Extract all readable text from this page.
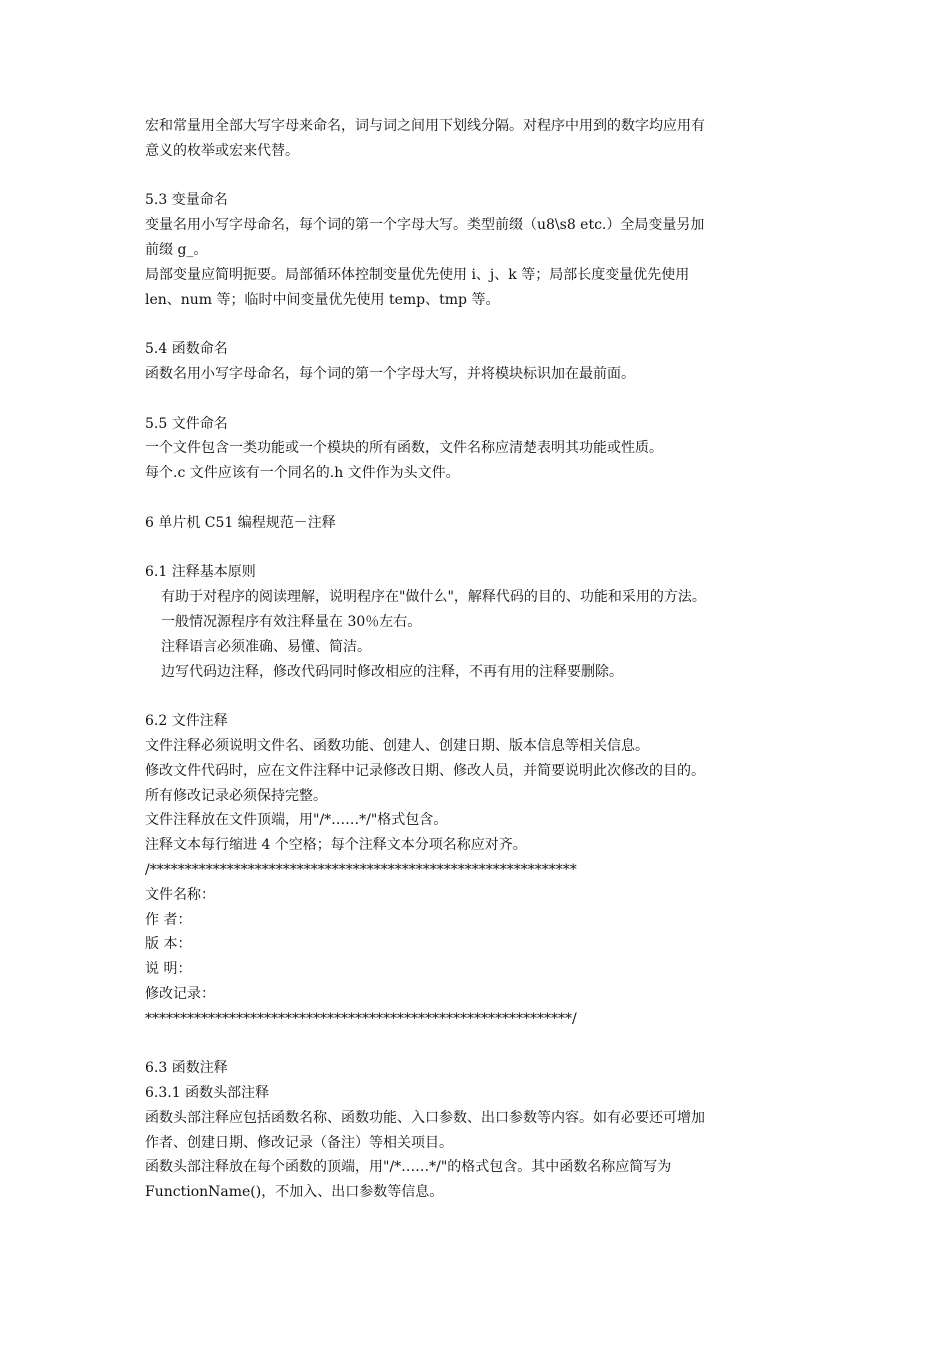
宏和常量用全部大写字母来命名，词与词之间用下划线分隔。对程序中用到的数字均应用有
意义的枚举或宏来代替。
5.3 变量命名
变量名用小写字母命名，每个词的第一个字母大写。类型前缀（u8\s8 etc.）全局变量另加
前缀 g_。
局部变量应简明扼要。局部循环体控制变量优先使用 i、j、k 等；局部长度变量优先使用
len、num 等；临时中间变量优先使用 temp、tmp 等。
5.4 函数命名
函数名用小写字母命名，每个词的第一个字母大写，并将模块标识加在最前面。
5.5 文件命名
一个文件包含一类功能或一个模块的所有函数，文件名称应清楚表明其功能或性质。
每个.c 文件应该有一个同名的.h 文件作为头文件。
6 单片机 C51 编程规范－注释
6.1 注释基本原则
有助于对程序的阅读理解，说明程序在"做什么"，解释代码的目的、功能和采用的方法。
一般情况源程序有效注释量在 30％左右。
注释语言必须准确、易懂、简洁。
边写代码边注释，修改代码同时修改相应的注释，不再有用的注释要删除。
6.2 文件注释
文件注释必须说明文件名、函数功能、创建人、创建日期、版本信息等相关信息。
修改文件代码时，应在文件注释中记录修改日期、修改人员，并简要说明此次修改的目的。
所有修改记录必须保持完整。
文件注释放在文件顶端，用"/*……*/"格式包含。
注释文本每行缩进 4 个空格；每个注释文本分项名称应对齐。
/*************************************************************
文件名称：
作 者：
版 本：
说 明：
修改记录：
*************************************************************/
6.3 函数注释
6.3.1 函数头部注释
函数头部注释应包括函数名称、函数功能、入口参数、出口参数等内容。如有必要还可增加
作者、创建日期、修改记录（备注）等相关项目。
函数头部注释放在每个函数的顶端，用"/*……*/"的格式包含。其中函数名称应简写为
FunctionName()，不加入、出口参数等信息。
